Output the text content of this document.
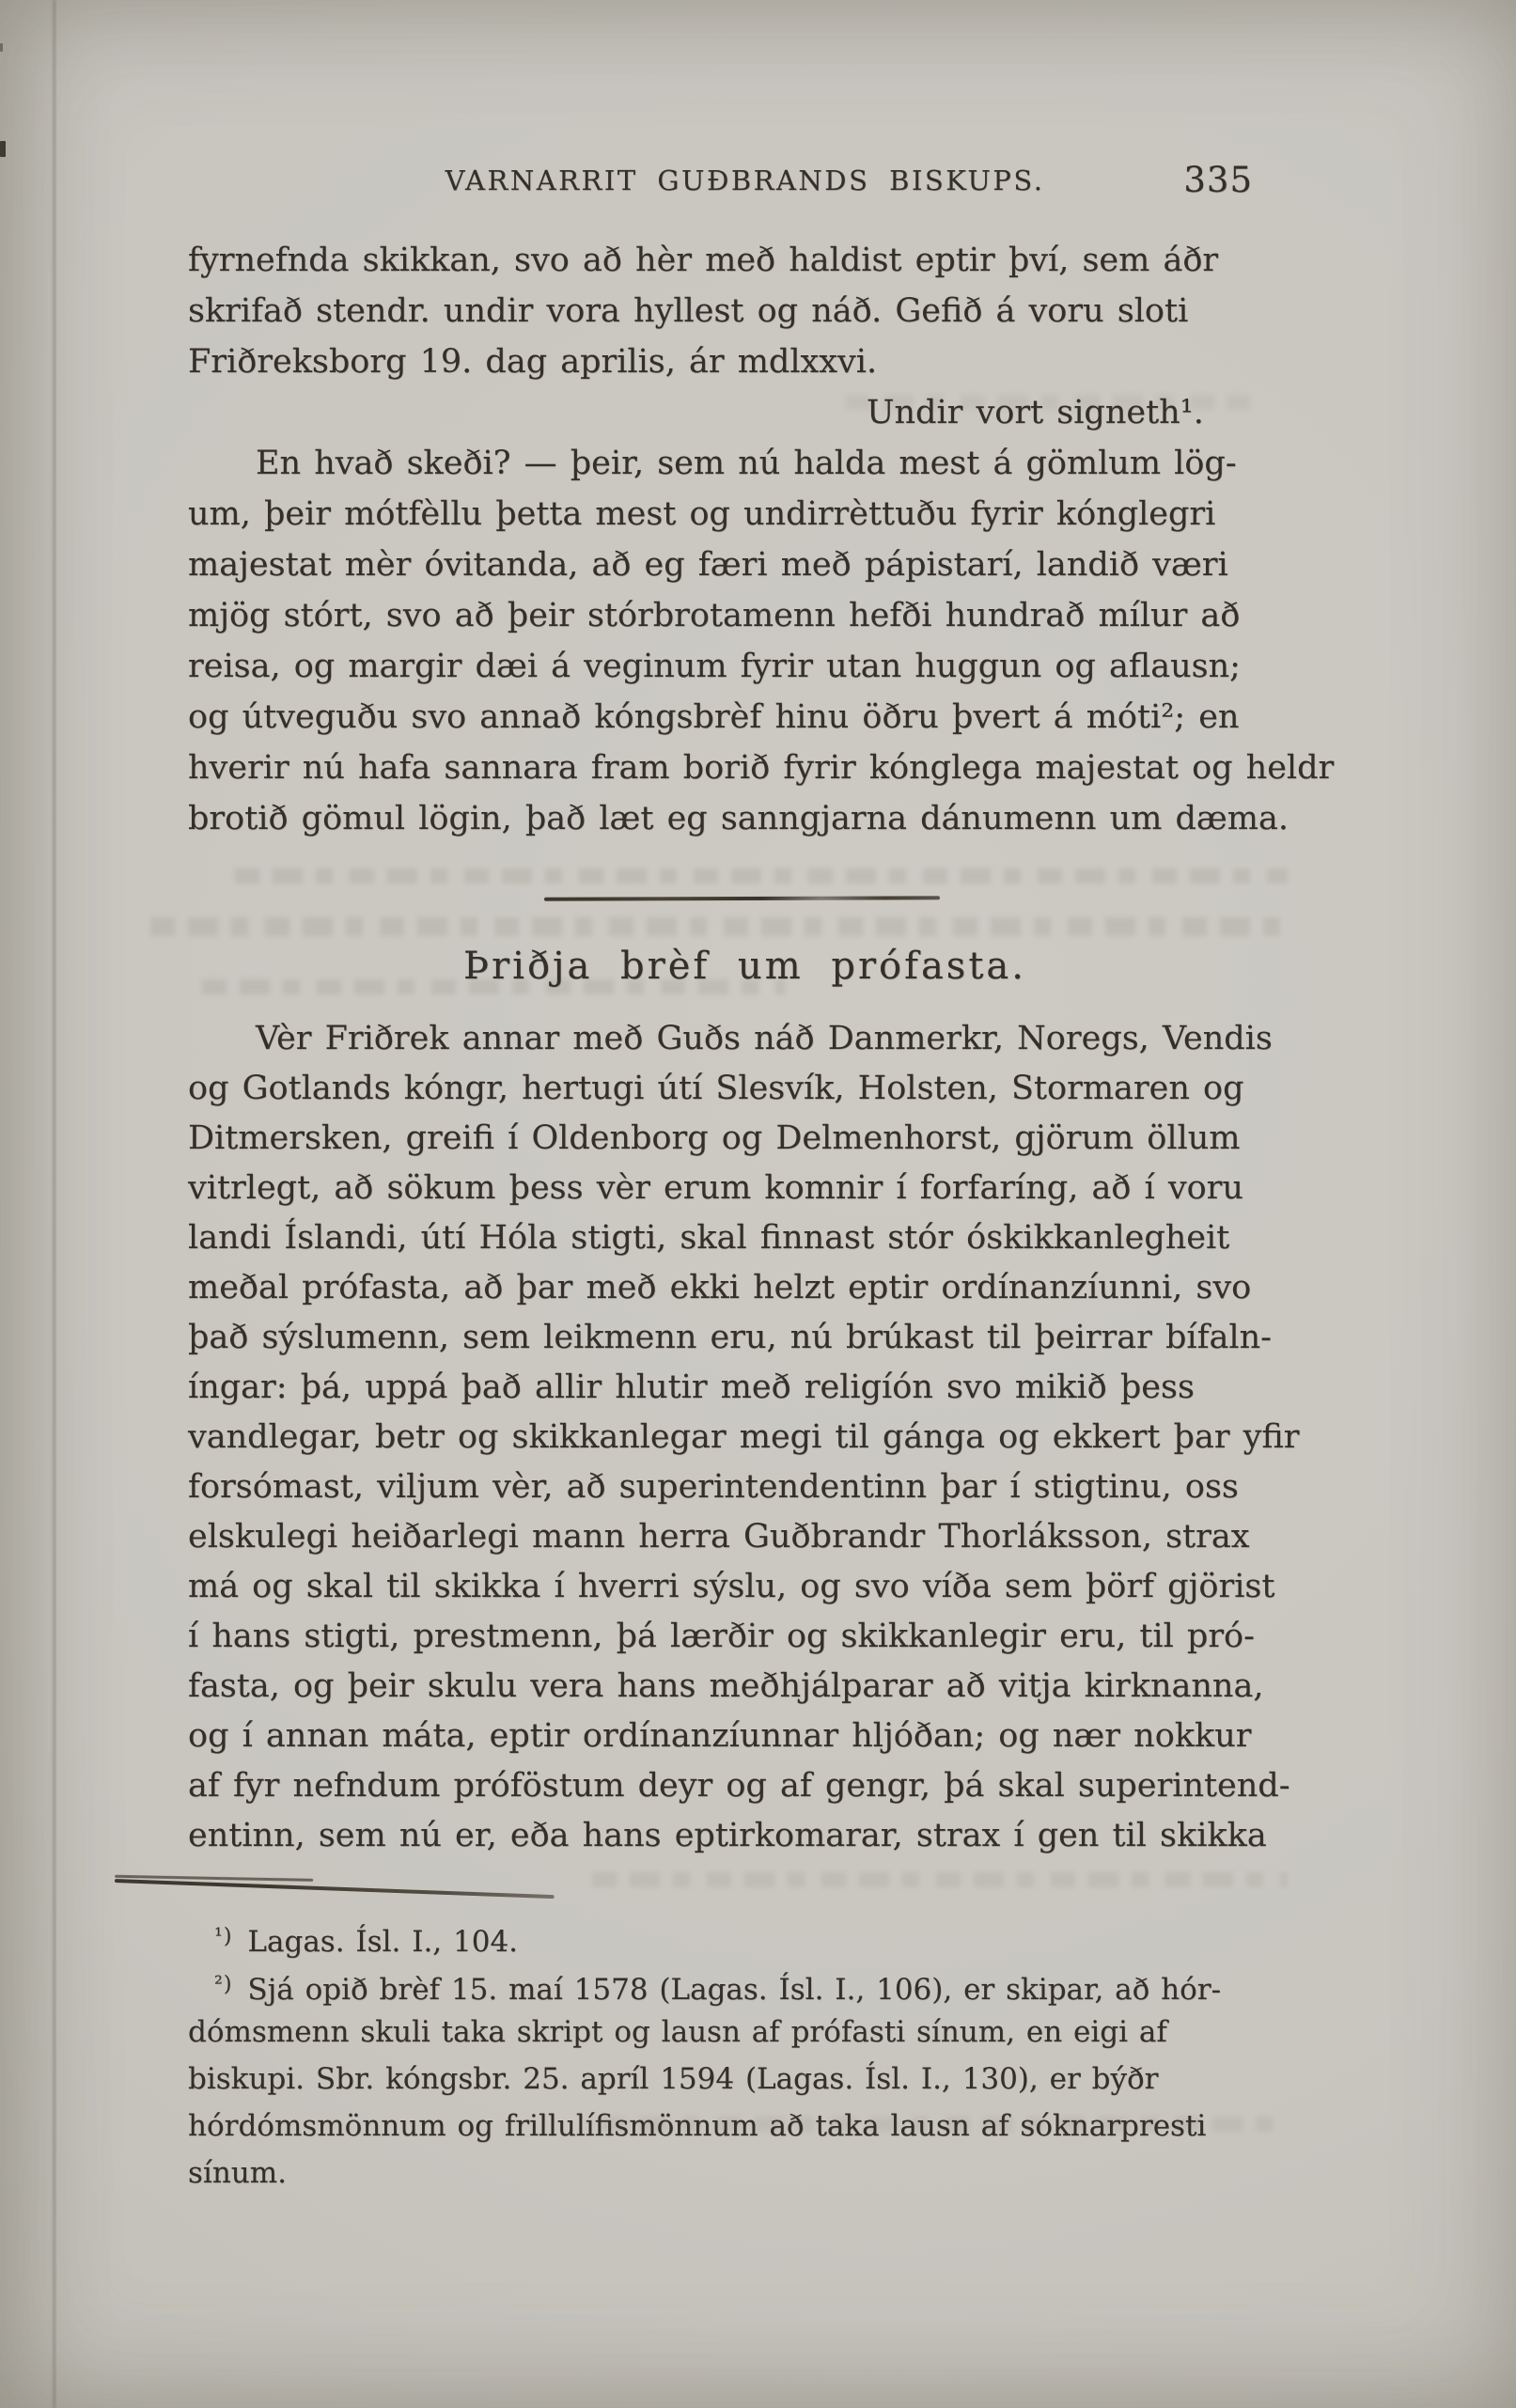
VARNARRIT GUÐBRANDS BISKUPS.	335
fyrnefnda skikkan, svo að hèr með haldist eptir því, sem áðr
skrifað stendr. undir vora hyllest og náð. Gefið á voru sloti
Friðreksborg 19. dag aprilis, ár mdlxxvi.
Undir vort signeth¹.
En hvað skeði? — þeir, sem nú halda mest á gömlum lög-
um, þeir mótfèllu þetta mest og undirrèttuðu fyrir kónglegri
majestat mèr óvitanda, að eg færi með pápistarí, landið væri
mjög stórt, svo að þeir stórbrotamenn hefði hundrað mílur að
reisa, og margir dæi á veginum fyrir utan huggun og aflausn;
og útveguðu svo annað kóngsbrèf hinu öðru þvert á móti²; en
hverir nú hafa sannara fram borið fyrir kónglega majestat og heldr
brotið gömul lögin, það læt eg sanngjarna dánumenn um dæma.
Þriðja brèf um prófasta.
Vèr Friðrek annar með Guðs náð Danmerkr, Noregs, Vendis
og Gotlands kóngr, hertugi útí Slesvík, Holsten, Stormaren og
Ditmersken, greifi í Oldenborg og Delmenhorst, gjörum öllum
vitrlegt, að sökum þess vèr erum komnir í forfaríng, að í voru
landi Íslandi, útí Hóla stigti, skal finnast stór óskikkanlegheit
meðal prófasta, að þar með ekki helzt eptir ordínanzíunni, svo
það sýslumenn, sem leikmenn eru, nú brúkast til þeirrar bífaln-
íngar: þá, uppá það allir hlutir með religíón svo mikið þess
vandlegar, betr og skikkanlegar megi til gánga og ekkert þar yfir
forsómast, viljum vèr, að superintendentinn þar í stigtinu, oss
elskulegi heiðarlegi mann herra Guðbrandr Thorláksson, strax
má og skal til skikka í hverri sýslu, og svo víða sem þörf gjörist
í hans stigti, prestmenn, þá lærðir og skikkanlegir eru, til pró-
fasta, og þeir skulu vera hans meðhjálparar að vitja kirknanna,
og í annan máta, eptir ordínanzíunnar hljóðan; og nær nokkur
af fyr nefndum próföstum deyr og af gengr, þá skal superintend-
entinn, sem nú er, eða hans eptirkomarar, strax í gen til skikka
¹) Lagas. Ísl. I., 104.
²) Sjá opið brèf 15. maí 1578 (Lagas. Ísl. I., 106), er skipar, að hór-
dómsmenn skuli taka skript og lausn af prófasti sínum, en eigi af
biskupi. Sbr. kóngsbr. 25. apríl 1594 (Lagas. Ísl. I., 130), er býðr
hórdómsmönnum og frillulífismönnum að taka lausn af sóknarpresti
sínum.
